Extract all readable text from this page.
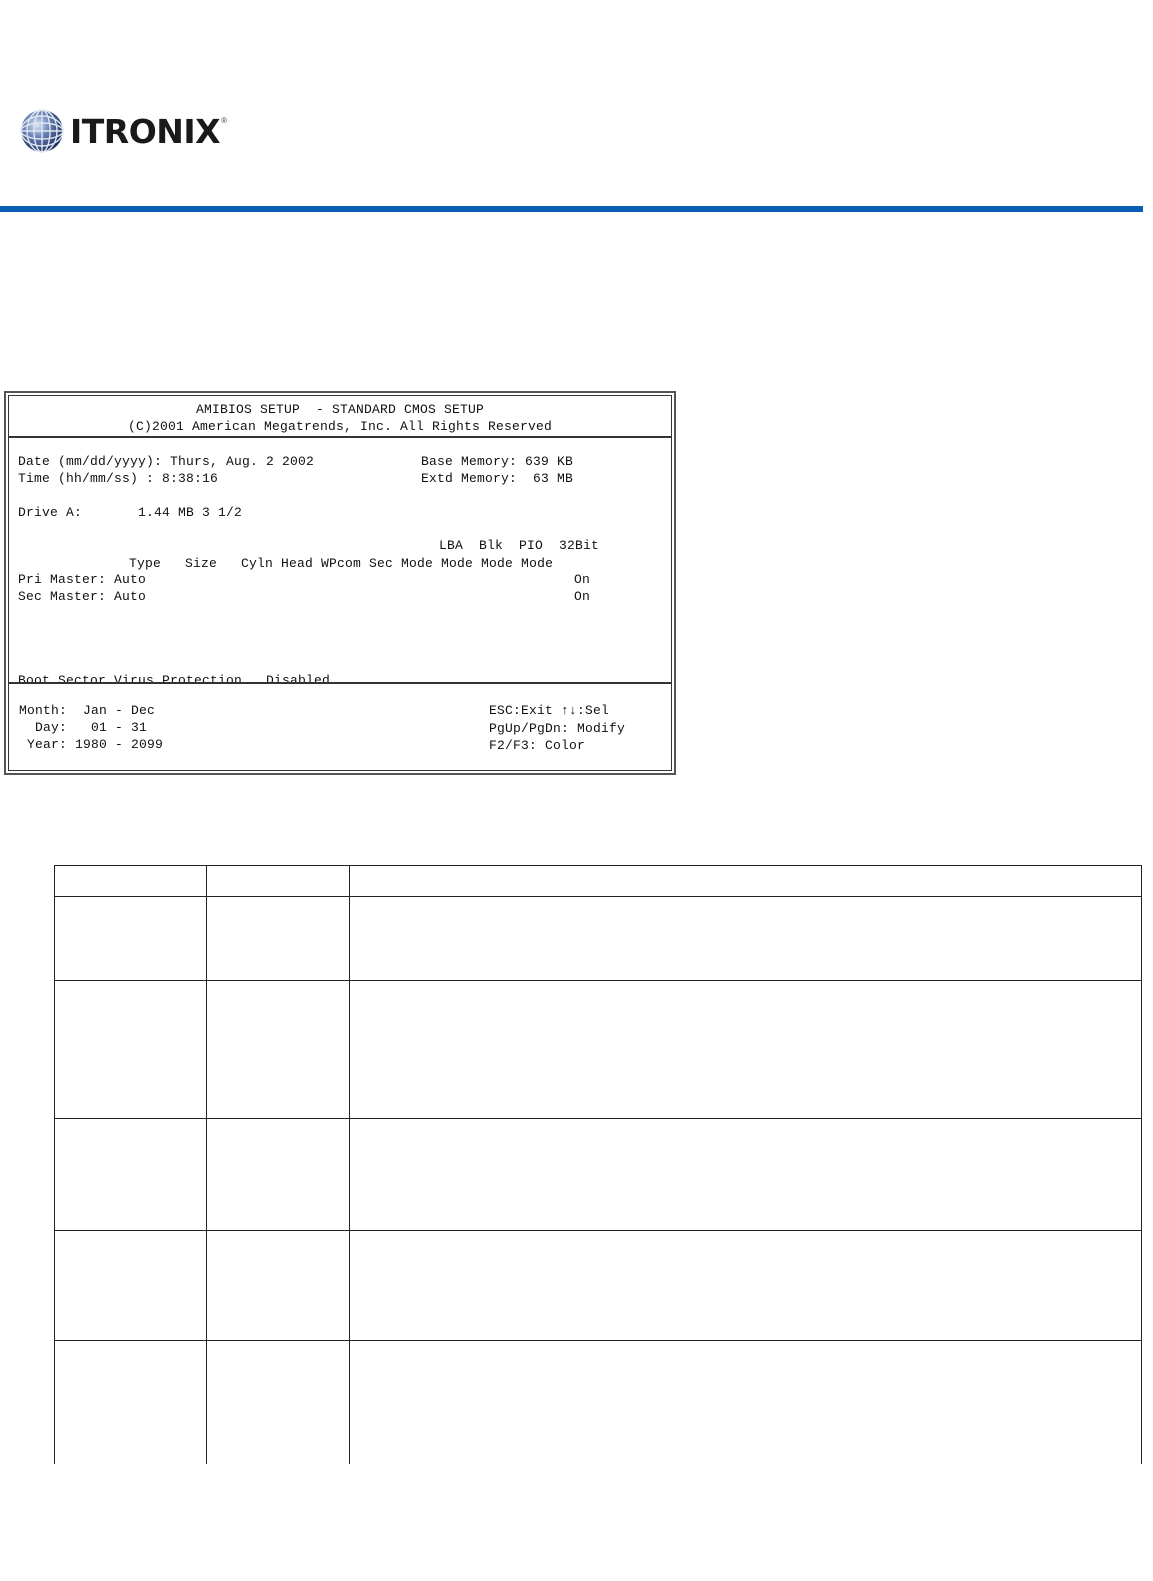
ITRONIX ®
AMIBIOS SETUP  - STANDARD CMOS SETUP
(C)2001 American Megatrends, Inc. All Rights Reserved
Date (mm/dd/yyyy): Thurs, Aug. 2 2002
Time (hh/mm/ss) : 8:38:16
Base Memory: 639 KB
Extd Memory:  63 MB
Drive A:       1.44 MB 3 1/2
LBA  Blk  PIO  32Bit
Type   Size   Cyln Head WPcom Sec Mode Mode Mode Mode
Pri Master: Auto	On
Sec Master: Auto	On
Boot Sector Virus Protection   Disabled
Month:  Jan - Dec
Day:   01 - 31
Year: 1980 - 2099
ESC:Exit ↑↓:Sel
PgUp/PgDn: Modify
F2/F3: Color
